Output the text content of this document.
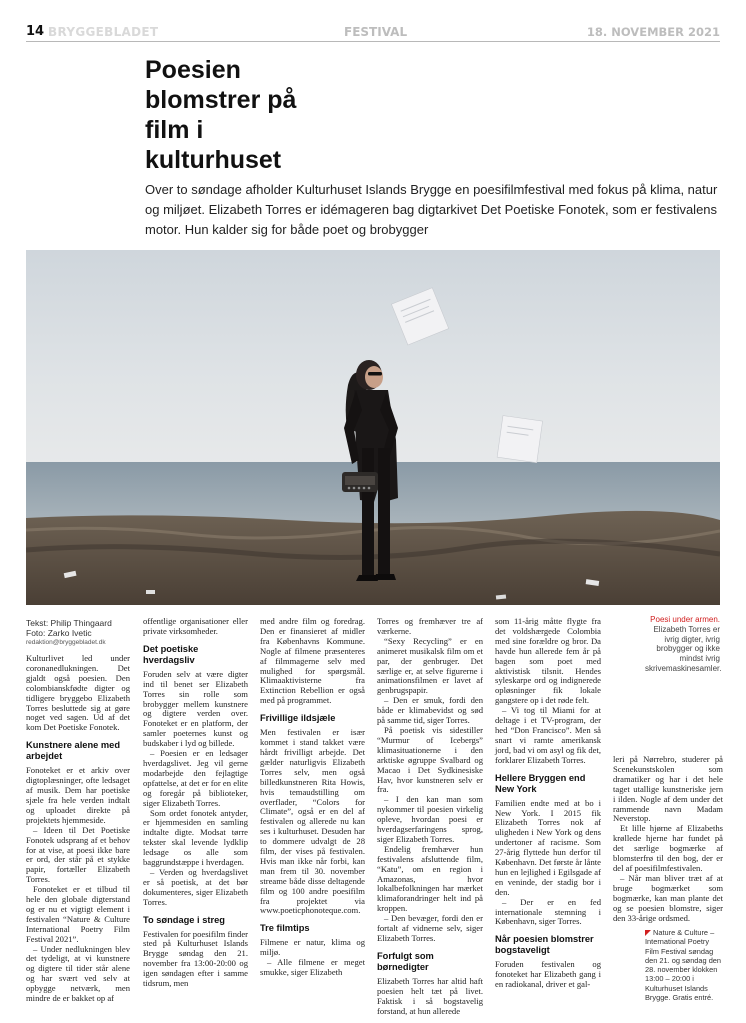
14 BRYGGEBLADET	FESTIVAL	18. NOVEMBER 2021
Poesien blomstrer på film i kulturhuset

Over to søndage afholder Kulturhuset Islands Brygge en poesifilmfestival med fokus på klima, natur og miljøet. Elizabeth Torres er idémageren bag digtarkivet Det Poetiske Fonotek, som er festivalens motor. Hun kalder sig for både poet og brobygger

Tekst: Philip Thingaard
Foto: Zarko Ivetic
redaktion@bryggebladet.dk

Kulturlivet led under coronanedlukningen. Det gjaldt også poesien. Den colombianskfødte digter og tidligere bryggebo Elizabeth Torres besluttede sig at gøre noget ved sagen. Ud af det kom Det Poetiske Fonotek.

Kunstnere alene med arbejdet

Fonoteket er et arkiv over digtoplæsninger, ofte ledsaget af musik. Dem har poetiske sjæle fra hele verden indtalt og uploadet direkte på projektets hjemmeside.

– Ideen til Det Poetiske Fonotek udsprang af et behov for at vise, at poesi ikke bare er ord, der står på et stykke papir, fortæller Elizabeth Torres.

Fonoteket er et tilbud til hele den globale digterstand og er nu et vigtigt element i festivalen “Nature & Culture International Poetry Film Festival 2021”.

– Under nedlukningen blev det tydeligt, at vi kunstnere og digtere til tider står alene og har svært ved selv at opbygge netværk, men mindre de er bakket op af

offentlige organisationer eller private virksomheder.

Det poetiske hverdagsliv

Foruden selv at være digter ind til benet ser Elizabeth Torres sin rolle som brobygger mellem kunstnere og digtere verden over. Fonoteket er en platform, der samler poeternes kunst og budskaber i lyd og billede.

– Poesien er en ledsager hverdagslivet. Jeg vil gerne modarbejde den fejlagtige opfattelse, at det er for en elite og foregår på biblioteker, siger Elizabeth Torres.

Som ordet fonotek antyder, er hjemmesiden en samling indtalte digte. Modsat tørre tekster skal levende lydklip ledsage os alle som baggrundstæppe i hverdagen.

– Verden og hverdagslivet er så poetisk, at det bør dokumenteres, siger Elizabeth Torres.

To søndage i streg

Festivalen for poesifilm finder sted på Kulturhuset Islands Brygge søndag den 21. november fra 13:00-20:00 og igen søndagen efter i samme tidsrum, men

med andre film og foredrag. Den er finansieret af midler fra Københavns Kommune. Nogle af filmene præsenteres af filmmagerne selv med mulighed for spørgsmål. Klimaaktivisterne fra Extinction Rebellion er også med på programmet.

Frivillige ildsjæle

Men festivalen er især kommet i stand takket være hårdt frivilligt arbejde. Det gælder naturligvis Elizabeth Torres selv, men også billedkunstneren Rita Howis, hvis temaudstilling om overflader, “Colors for Climate”, også er en del af festivalen og allerede nu kan ses i kulturhuset. Desuden har to dommere udvalgt de 28 film, der vises på festivalen. Hvis man ikke når forbi, kan man frem til 30. november streame både disse deltagende film og 100 andre poesifilm fra projektet via www.poeticphonoteque.com.

Tre filmtips

Filmene er natur, klima og miljø.

– Alle filmene er meget smukke, siger Elizabeth

Torres og fremhæver tre af værkerne.

“Sexy Recycling” er en animeret musikalsk film om et par, der genbruger. Det særlige er, at selve figurerne i animationsfilmen er lavet af genbrugspapir.

– Den er smuk, fordi den både er klimabevidst og sød på samme tid, siger Torres.

På poetisk vis sidestiller “Murmur of Icebergs” klimasituationerne i den arktiske øgruppe Svalbard og Macao i Det Sydkinesiske Hav, hvor kunstneren selv er fra.

– I den kan man som nykommer til poesien virkelig opleve, hvordan poesi er hverdagserfaringens sprog, siger Elizabeth Torres.

Endelig fremhæver hun festivalens afsluttende film, “Katu”, om en region i Amazonas, hvor lokalbefolkningen har mærket klimaforandringer helt ind på kroppen.

– Den bevæger, fordi den er fortalt af vidnerne selv, siger Elizabeth Torres.

Forfulgt som børnedigter

Elizabeth Torres har altid haft poesien helt tæt på livet. Faktisk i så bogstavelig forstand, at hun allerede

som 11-årig måtte flygte fra det voldshærgede Colombia med sine forældre og bror. Da havde hun allerede fem år på bagen som poet med aktivistisk tilsnit. Hendes syleskarpe ord og indignerede opløsninger fik lokale gangstere op i det røde felt.

– Vi tog til Miami for at deltage i et TV-program, der hed “Don Francisco”. Men så snart vi ramte amerikansk jord, bad vi om asyl og fik det, forklarer Elizabeth Torres.

Hellere Bryggen end New York

Familien endte med at bo i New York. I 2015 fik Elizabeth Torres nok af uligheden i New York og dens undertoner af racisme. Som 27-årig flyttede hun derfor til København. Det første år lånte hun en lejlighed i Egilsgade af en veninde, der stadig bor i den.

– Der er en fed internationale stemning i København, siger Torres.

Når poesien blomstrer bogstaveligt

Foruden festivalen og fonoteket har Elizabeth gang i en radiokanal, driver et gal-

Poesi under armen. Elizabeth Torres er ivrig digter, ivrig brobygger og ikke mindst ivrig skrivemaskinesamler.

leri på Nørrebro, studerer på Scenekunstskolen som dramatiker og har i det hele taget utallige kunstneriske jern i ilden. Nogle af dem under det rammende navn Madam Neverstop.

Et lille hjørne af Elizabeths krøllede hjerne har fundet på det særlige bogmærke af blomsterfrø til den bog, der er del af poesifilmfestivalen.

– Når man bliver træt af at bruge bogmærket som bogmærke, kan man plante det og se poesien blomstre, siger den 33-årige ordsmed.

Nature & Culture – International Poetry Film Festival søndag den 21. og søndag den 28. november klokken 13:00 – 20:00 i Kulturhuset Islands Brygge. Gratis entré.
